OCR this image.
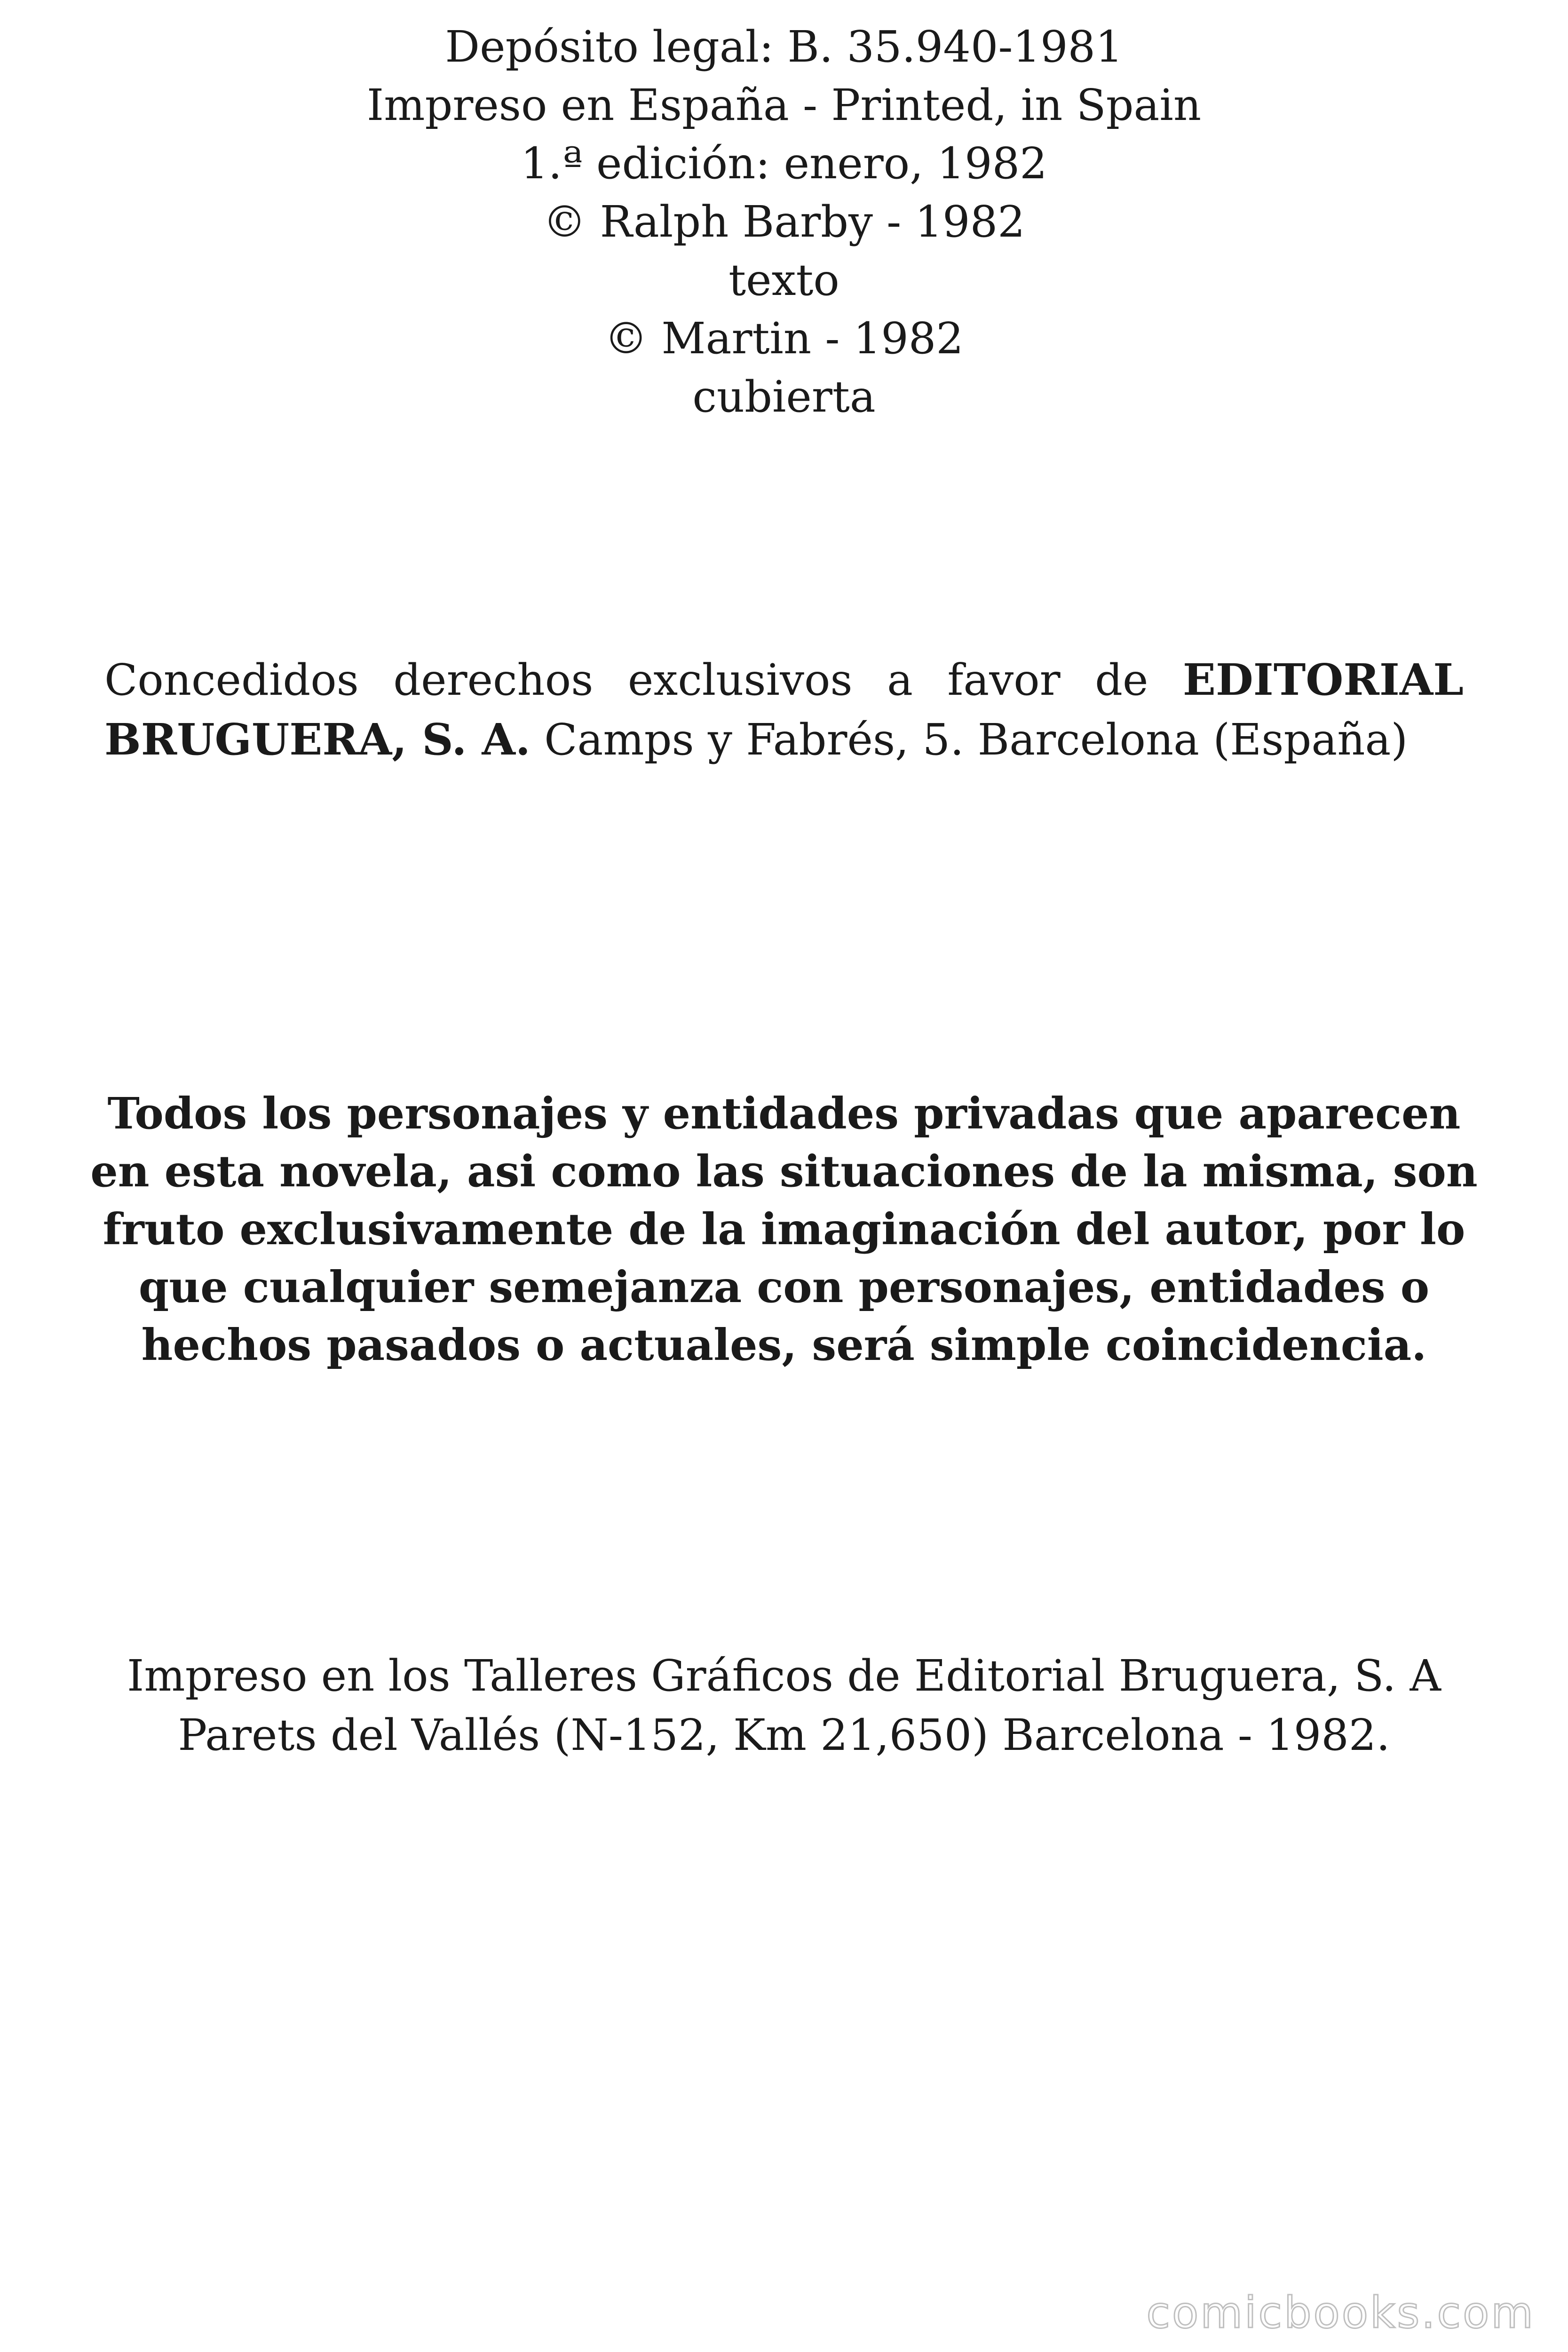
Depósito legal: B. 35.940-1981
Impreso en España - Printed, in Spain
1.ª edición: enero, 1982
© Ralph Barby - 1982
texto
© Martin - 1982
cubierta
Concedidos derechos exclusivos a favor de EDITORIAL
BRUGUERA, S. A. Camps y Fabrés, 5. Barcelona (España)
Todos los personajes y entidades privadas que aparecen
en esta novela, asi como las situaciones de la misma, son
fruto exclusivamente de la imaginación del autor, por lo
que cualquier semejanza con personajes, entidades o
hechos pasados o actuales, será simple coincidencia.
Impreso en los Talleres Gráficos de Editorial Bruguera, S. A
Parets del Vallés (N-152, Km 21,650) Barcelona - 1982.
comicbooks.com
